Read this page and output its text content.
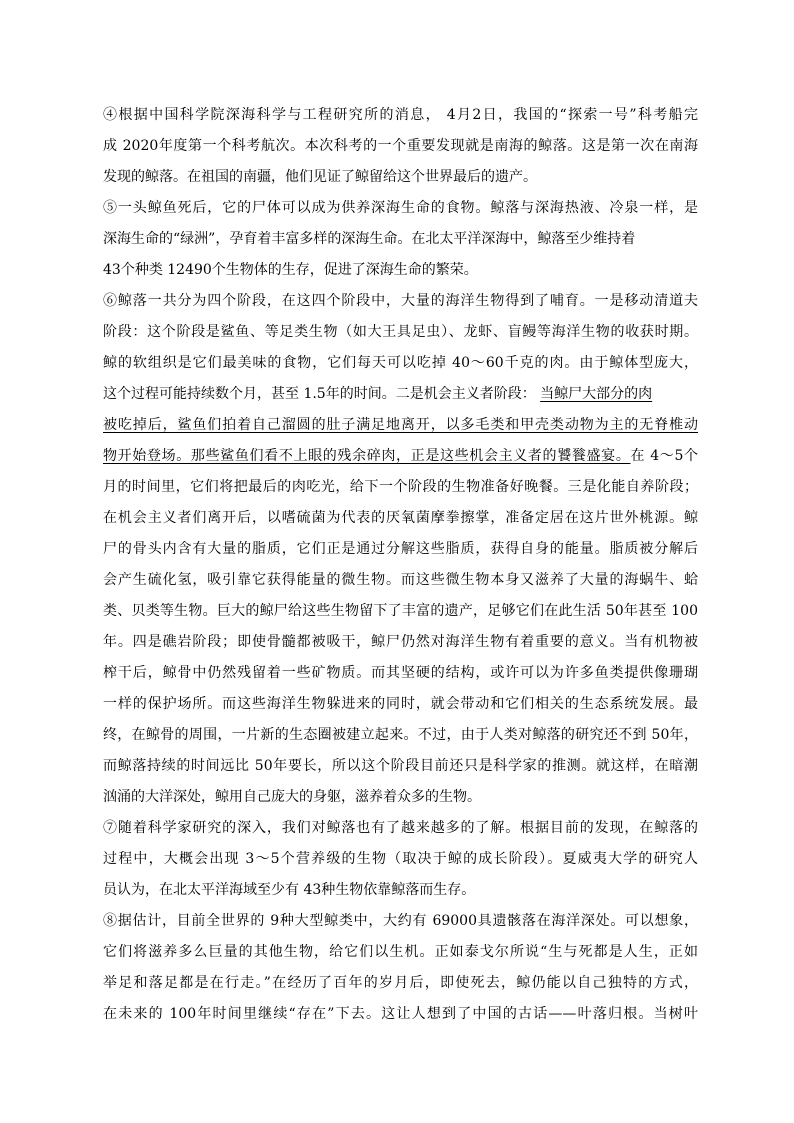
④根据中国科学院深海科学与工程研究所的消息， 4月2日，我国的“探索一号”科考船完
成 2020年度第一个科考航次。本次科考的一个重要发现就是南海的鲸落。这是第一次在南海
发现的鲸落。在祖国的南疆，他们见证了鲸留给这个世界最后的遗产。
⑤一头鲸鱼死后，它的尸体可以成为供养深海生命的食物。鲸落与深海热液、冷泉一样，是
深海生命的“绿洲”，孕育着丰富多样的深海生命。在北太平洋深海中，鲸落至少维持着
43个种类 12490个生物体的生存，促进了深海生命的繁荣。
⑥鲸落一共分为四个阶段，在这四个阶段中，大量的海洋生物得到了哺育。一是移动清道夫
阶段：这个阶段是鲨鱼、等足类生物（如大王具足虫）、龙虾、盲鳗等海洋生物的收获时期。
鲸的软组织是它们最美味的食物，它们每天可以吃掉 40～60千克的肉。由于鲸体型庞大，
这个过程可能持续数个月，甚至 1.5年的时间。二是机会主义者阶段： 当鲸尸大部分的肉
被吃掉后，鲨鱼们拍着自己溜圆的肚子满足地离开，以多毛类和甲壳类动物为主的无脊椎动
物开始登场。那些鲨鱼们看不上眼的残余碎肉，正是这些机会主义者的饕餮盛宴。在 4～5个
月的时间里，它们将把最后的肉吃光，给下一个阶段的生物准备好晚餐。三是化能自养阶段；
在机会主义者们离开后，以嗜硫菌为代表的厌氧菌摩拳擦掌，准备定居在这片世外桃源。鲸
尸的骨头内含有大量的脂质，它们正是通过分解这些脂质，获得自身的能量。脂质被分解后
会产生硫化氢，吸引靠它获得能量的微生物。而这些微生物本身又滋养了大量的海蜗牛、蛤
类、贝类等生物。巨大的鲸尸给这些生物留下了丰富的遗产，足够它们在此生活 50年甚至 100
年。四是礁岩阶段；即使骨髓都被吸干，鲸尸仍然对海洋生物有着重要的意义。当有机物被
榨干后，鲸骨中仍然残留着一些矿物质。而其坚硬的结构，或许可以为许多鱼类提供像珊瑚
一样的保护场所。而这些海洋生物躲进来的同时，就会带动和它们相关的生态系统发展。最
终，在鲸骨的周围，一片新的生态圈被建立起来。不过，由于人类对鲸落的研究还不到 50年，
而鲸落持续的时间远比 50年要长，所以这个阶段目前还只是科学家的推测。就这样，在暗潮
汹涌的大洋深处，鲸用自己庞大的身躯，滋养着众多的生物。
⑦随着科学家研究的深入，我们对鲸落也有了越来越多的了解。根据目前的发现，在鲸落的
过程中，大概会出现 3～5个营养级的生物（取决于鲸的成长阶段）。夏威夷大学的研究人
员认为，在北太平洋海域至少有 43种生物依靠鲸落而生存。
⑧据估计，目前全世界的 9种大型鲸类中，大约有 69000具遗骸落在海洋深处。可以想象，
它们将滋养多么巨量的其他生物，给它们以生机。正如泰戈尔所说“生与死都是人生，正如
举足和落足都是在行走。”在经历了百年的岁月后，即使死去，鲸仍能以自己独特的方式，
在未来的 100年时间里继续“存在”下去。这让人想到了中国的古话——叶落归根。当树叶
